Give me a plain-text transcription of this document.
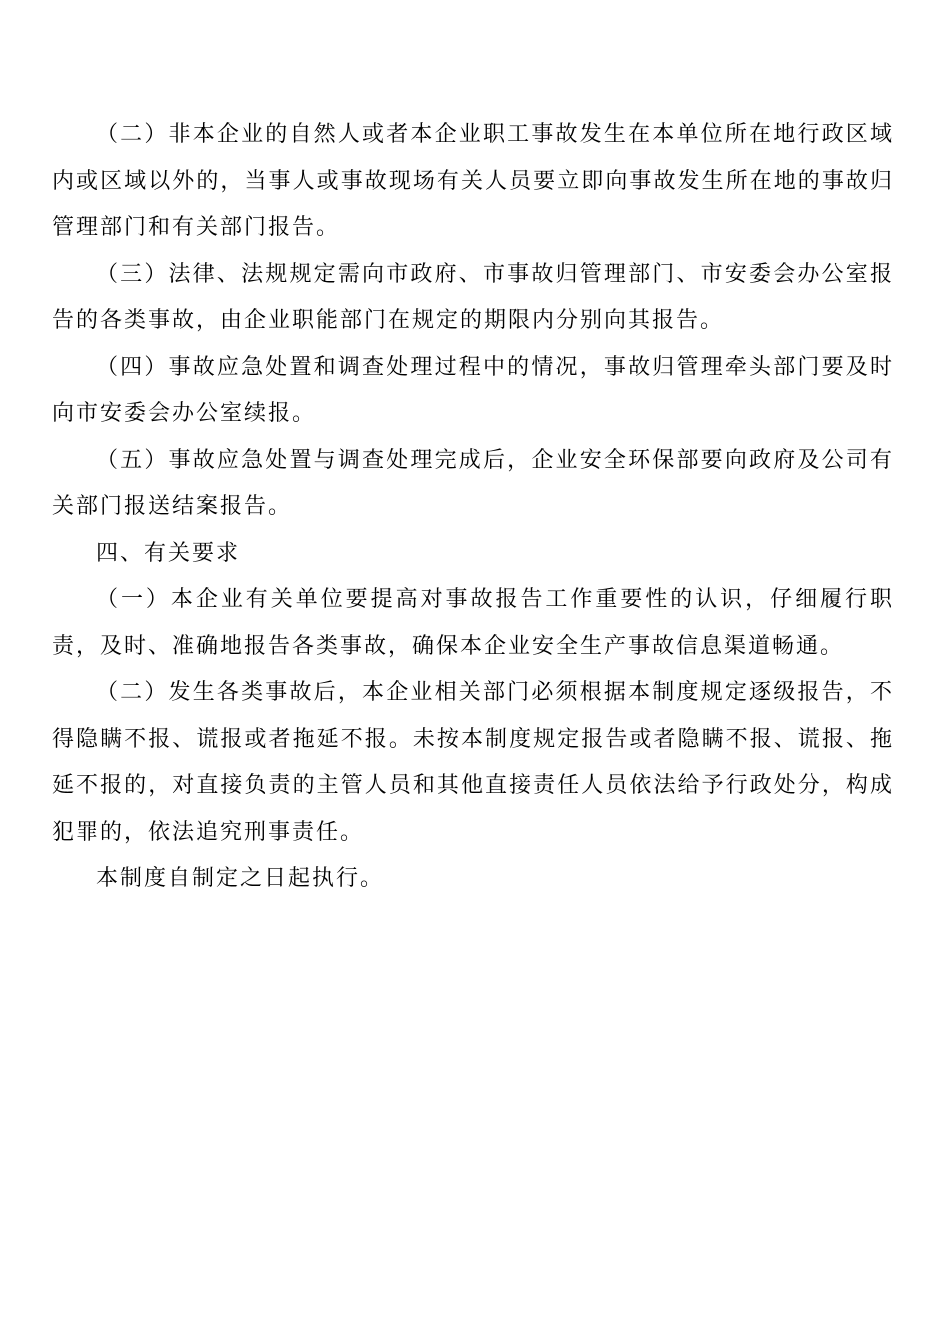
（二）非本企业的自然人或者本企业职工事故发生在本单位所在地行政区域内或区域以外的，当事人或事故现场有关人员要立即向事故发生所在地的事故归管理部门和有关部门报告。

（三）法律、法规规定需向市政府、市事故归管理部门、市安委会办公室报告的各类事故，由企业职能部门在规定的期限内分别向其报告。

（四）事故应急处置和调查处理过程中的情况，事故归管理牵头部门要及时向市安委会办公室续报。

（五）事故应急处置与调查处理完成后，企业安全环保部要向政府及公司有关部门报送结案报告。

四、有关要求

（一）本企业有关单位要提高对事故报告工作重要性的认识，仔细履行职责，及时、准确地报告各类事故，确保本企业安全生产事故信息渠道畅通。

（二）发生各类事故后，本企业相关部门必须根据本制度规定逐级报告，不得隐瞒不报、谎报或者拖延不报。未按本制度规定报告或者隐瞒不报、谎报、拖延不报的，对直接负责的主管人员和其他直接责任人员依法给予行政处分，构成犯罪的，依法追究刑事责任。

本制度自制定之日起执行。
